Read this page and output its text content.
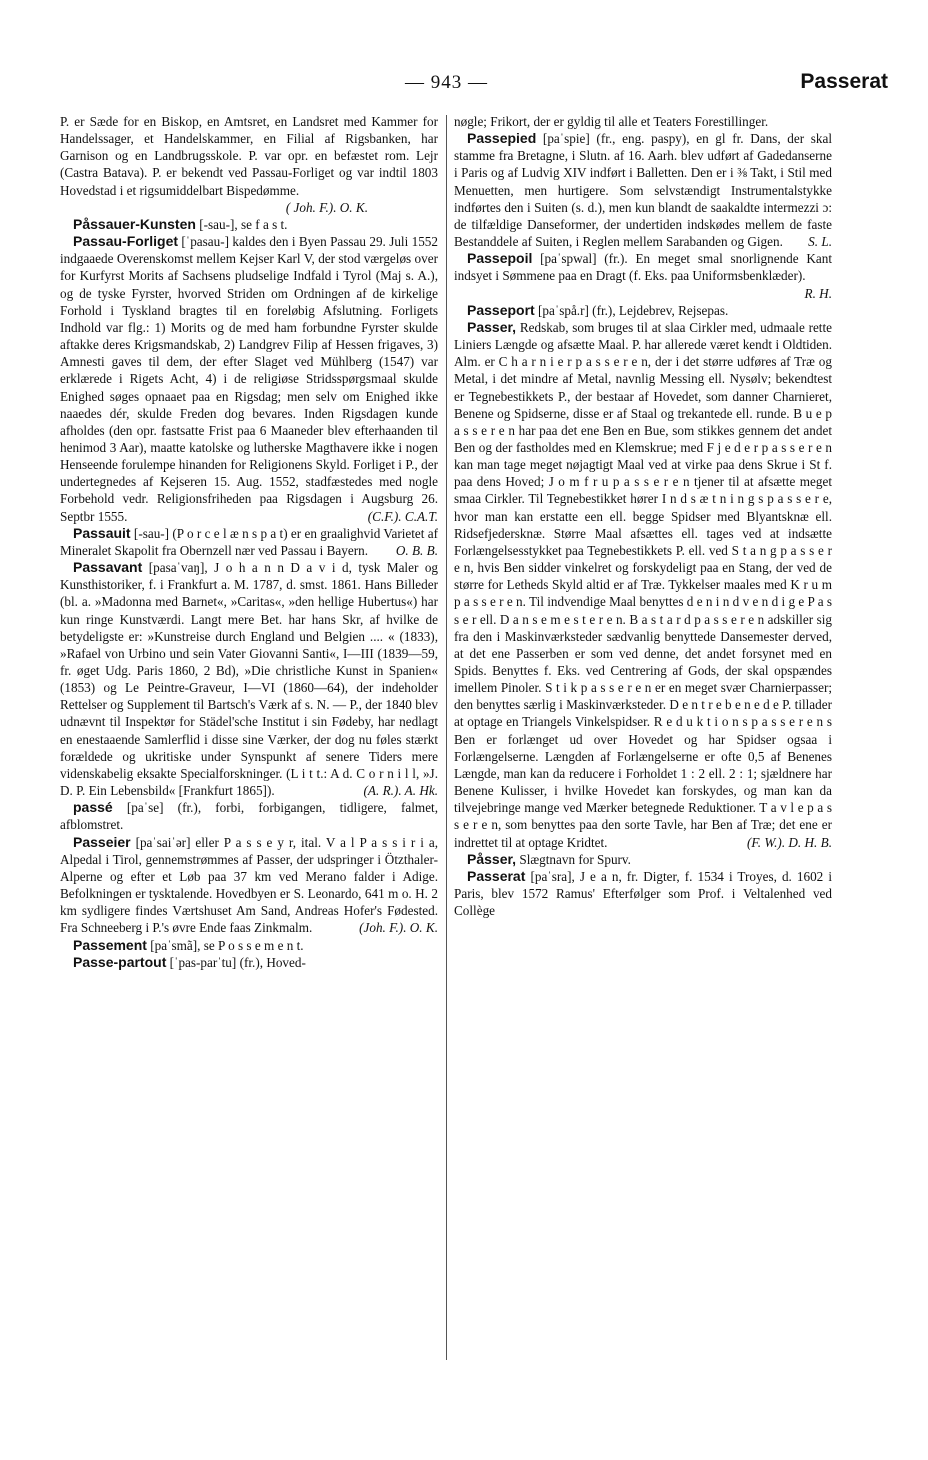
— 943 —	Passerat

P. er Sæde for en Biskop, en Amtsret, en Landsret med Kammer for Handelssager, et Handelskammer, en Filial af Rigsbanken, har Garnison og en Landbrugsskole. P. var opr. en befæstet rom. Lejr (Castra Batava). P. er bekendt ved Passau-Forliget og var indtil 1803 Hovedstad i et rigsumiddelbart Bispedømme.
( Joh. F.). O. K.

Påssauer-Kunsten [-sau-], se f a s t.

Passau-Forliget [ˈpasau-] kaldes den i Byen Passau 29. Juli 1552 indgaaede Overenskomst mellem Kejser Karl V, der stod værgeløs over for Kurfyrst Morits af Sachsens pludselige Indfald i Tyrol (Maj s. A.), og de tyske Fyrster, hvorved Striden om Ordningen af de kirkelige Forhold i Tyskland bragtes til en foreløbig Afslutning. Forligets Indhold var flg.: 1) Morits og de med ham forbundne Fyrster skulde aftakke deres Krigsmandskab, 2) Landgrev Filip af Hessen frigaves, 3) Amnesti gaves til dem, der efter Slaget ved Mühlberg (1547) var erklærede i Rigets Acht, 4) i de religiøse Stridsspørgsmaal skulde Enighed søges opnaaet paa en Rigsdag; men selv om Enighed ikke naaedes dér, skulde Freden dog bevares. Inden Rigsdagen kunde afholdes (den opr. fastsatte Frist paa 6 Maaneder blev efterhaanden til henimod 3 Aar), maatte katolske og lutherske Magthavere ikke i nogen Henseende forulempe hinanden for Religionens Skyld. Forliget i P., der undertegnedes af Kejseren 15. Aug. 1552, stadfæstedes med nogle Forbehold vedr. Religionsfriheden paa Rigsdagen i Augsburg 26. Septbr 1555.	(C.F.). C.A.T.

Passauit [-sau-] (P o r c e l æ n s p a t) er en graalighvid Varietet af Mineralet Skapolit fra Obernzell nær ved Passau i Bayern.	O. B. B.

Passavant [pasaˈvaŋ], J o h a n n D a v i d, tysk Maler og Kunsthistoriker, f. i Frankfurt a. M. 1787, d. smst. 1861. Hans Billeder (bl. a. »Madonna med Barnet«, »Caritas«, »den hellige Hubertus«) har kun ringe Kunstværdi. Langt mere Bet. har hans Skr, af hvilke de betydeligste er: »Kunstreise durch England und Belgien .... « (1833), »Rafael von Urbino und sein Vater Giovanni Santi«, I—III (1839—59, fr. øget Udg. Paris 1860, 2 Bd), »Die christliche Kunst in Spanien« (1853) og Le Peintre-Graveur, I—VI (1860—64), der indeholder Rettelser og Supplement til Bartsch's Værk af s. N. — P., der 1840 blev udnævnt til Inspektør for Städel'sche Institut i sin Fødeby, har nedlagt en enestaaende Samlerflid i disse sine Værker, der dog nu føles stærkt forældede og ukritiske under Synspunkt af senere Tiders mere videnskabelig eksakte Specialforskninger. (L i t t.: A d. C o r n i l l, »J. D. P. Ein Lebensbild« [Frankfurt 1865]).	(A. R.). A. Hk.

passé [paˈse] (fr.), forbi, forbigangen, tidligere, falmet, afblomstret.

Passeier [paˈsaiˈər] eller P a s s e y r, ital. V a l P a s s i r i a, Alpedal i Tirol, gennemstrømmes af Passer, der udspringer i Ötzthaler-Alperne og efter et Løb paa 37 km ved Merano falder i Adige. Befolkningen er tysktalende. Hovedbyen er S. Leonardo, 641 m o. H. 2 km sydligere findes Værtshuset Am Sand, Andreas Hofer's Fødested. Fra Schneeberg i P.'s øvre Ende faas Zinkmalm.	(Joh. F.). O. K.

Passement [paˈsmã], se P o s s e m e n t.

Passe-partout [ˈpas-parˈtu] (fr.), Hoved-

nøgle; Frikort, der er gyldig til alle et Teaters Forestillinger.

Passepied [paˈspie] (fr., eng. paspy), en gl fr. Dans, der skal stamme fra Bretagne, i Slutn. af 16. Aarh. blev udført af Gadedanserne i Paris og af Ludvig XIV indført i Balletten. Den er i ⅜ Takt, i Stil med Menuetten, men hurtigere. Som selvstændigt Instrumentalstykke indførtes den i Suiten (s. d.), men kun blandt de saakaldte intermezzi ɔ: de tilfældige Danseformer, der undertiden indskødes mellem de faste Bestanddele af Suiten, i Reglen mellem Sarabanden og Gigen.	S. L.

Passepoil [paˈspwal] (fr.). En meget smal snorlignende Kant indsyet i Sømmene paa en Dragt (f. Eks. paa Uniformsbenklæder).
R. H.

Passeport [paˈspå.r] (fr.), Lejdebrev, Rejsepas.

Passer, Redskab, som bruges til at slaa Cirkler med, udmaale rette Liniers Længde og afsætte Maal. P. har allerede været kendt i Oldtiden. Alm. er C h a r n i e r p a s s e r e n, der i det større udføres af Træ og Metal, i det mindre af Metal, navnlig Messing ell. Nysølv; bekendtest er Tegnebestikkets P., der bestaar af Hovedet, som danner Charnieret, Benene og Spidserne, disse er af Staal og trekantede ell. runde. B u e p a s s e r e n har paa det ene Ben en Bue, som stikkes gennem det andet Ben og der fastholdes med en Klemskrue; med F j e d e r p a s s e r e n kan man tage meget nøjagtigt Maal ved at virke paa dens Skrue i St f. paa dens Hoved; J o m f r u p a s s e r e n tjener til at afsætte meget smaa Cirkler. Til Tegnebestikket hører I n d s æ t n i n g s p a s s e r e, hvor man kan erstatte een ell. begge Spidser med Blyantsknæ ell. Ridsefjedersknæ. Større Maal afsættes ell. tages ved at indsætte Forlængelsesstykket paa Tegnebestikkets P. ell. ved S t a n g p a s s e r e n, hvis Ben sidder vinkelret og forskydeligt paa en Stang, der ved de større for Letheds Skyld altid er af Træ. Tykkelser maales med K r u m p a s s e r e n. Til indvendige Maal benyttes d e n i n d v e n d i g e P a s s e r ell. D a n s e m e s t e r e n. B a s t a r d p a s s e r e n adskiller sig fra den i Maskinværksteder sædvanlig benyttede Dansemester derved, at det ene Passerben er som ved denne, det andet forsynet med en Spids. Benyttes f. Eks. ved Centrering af Gods, der skal opspændes imellem Pinoler. S t i k p a s s e r e n er en meget svær Charnierpasser; den benyttes særlig i Maskinværksteder. D e n t r e b e n e d e P. tillader at optage en Triangels Vinkelspidser. R e d u k t i o n s p a s s e r e n s Ben er forlænget ud over Hovedet og har Spidser ogsaa i Forlængelserne. Længden af Forlængelserne er ofte 0,5 af Benenes Længde, man kan da reducere i Forholdet 1 : 2 ell. 2 : 1; sjældnere har Benene Kulisser, i hvilke Hovedet kan forskydes, og man kan da tilvejebringe mange ved Mærker betegnede Reduktioner. T a v l e p a s s e r e n, som benyttes paa den sorte Tavle, har Ben af Træ; det ene er indrettet til at optage Kridtet.	(F. W.). D. H. B.

Påsser, Slægtnavn for Spurv.

Passerat [paˈsra], J e a n, fr. Digter, f. 1534 i Troyes, d. 1602 i Paris, blev 1572 Ramus' Efterfølger som Prof. i Veltalenhed ved Collège
